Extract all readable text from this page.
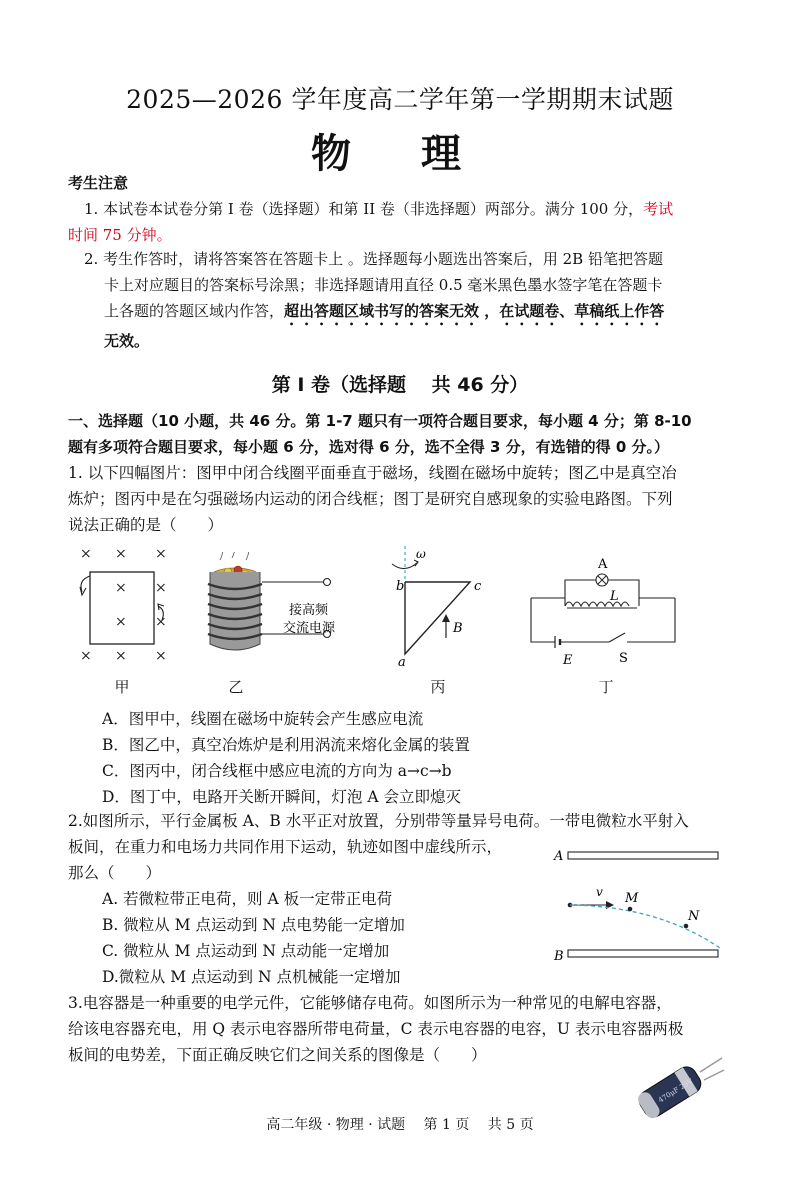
2025—2026 学年度高二学年第一学期期末试题
物 理
考生注意
1. 本试卷本试卷分第 I 卷（选择题）和第 II 卷（非选择题）两部分。满分 100 分，考试
时间 75 分钟。
2. 考生作答时，请将答案答在答题卡上 。选择题每小题选出答案后，用 2B 铅笔把答题
卡上对应题目的答案标号涂黑；非选择题请用直径 0.5 毫米黑色墨水签字笔在答题卡
上各题的答题区域内作答，超出答题区域书写的答案无效 ，在试题卷、草稿纸上作答
无效。
第 I 卷（选择题　 共 46 分）
一、选择题（10 小题，共 46 分。第 1-7 题只有一项符合题目要求，每小题 4 分；第 8-10
题有多项符合题目要求，每小题 6 分，选对得 6 分，选不全得 3 分，有选错的得 0 分。）
1. 以下四幅图片：图甲中闭合线圈平面垂直于磁场，线圈在磁场中旋转；图乙中是真空冶
炼炉；图丙中是在匀强磁场内运动的闭合线框；图丁是研究自感现象的实验电路图。下列
说法正确的是（　　）
× × ×
× ×
× ×
× × ×
接高频
交流电源
ω
b	c
a
B
A
L
E	S
甲	乙	丙	丁
A．图甲中，线圈在磁场中旋转会产生感应电流
B．图乙中，真空冶炼炉是利用涡流来熔化金属的装置
C．图丙中，闭合线框中感应电流的方向为 a→c→b
D．图丁中，电路开关断开瞬间，灯泡 A 会立即熄灭
2.如图所示，平行金属板 A、B 水平正对放置，分别带等量异号电荷。一带电微粒水平射入
板间，在重力和电场力共同作用下运动，轨迹如图中虚线所示，
那么（　　）
A. 若微粒带正电荷，则 A 板一定带正电荷
B. 微粒从 M 点运动到 N 点电势能一定增加
C. 微粒从 M 点运动到 N 点动能一定增加
D.微粒从 M 点运动到 N 点机械能一定增加
A
B
v M
N
3.电容器是一种重要的电学元件，它能够储存电荷。如图所示为一种常见的电解电容器，
给该电容器充电，用 Q 表示电容器所带电荷量，C 表示电容器的电容，U 表示电容器两极
板间的电势差，下面正确反映它们之间关系的图像是（　　）
470μF 25V
高二年级 · 物理 · 试题　 第 1 页　 共 5 页
